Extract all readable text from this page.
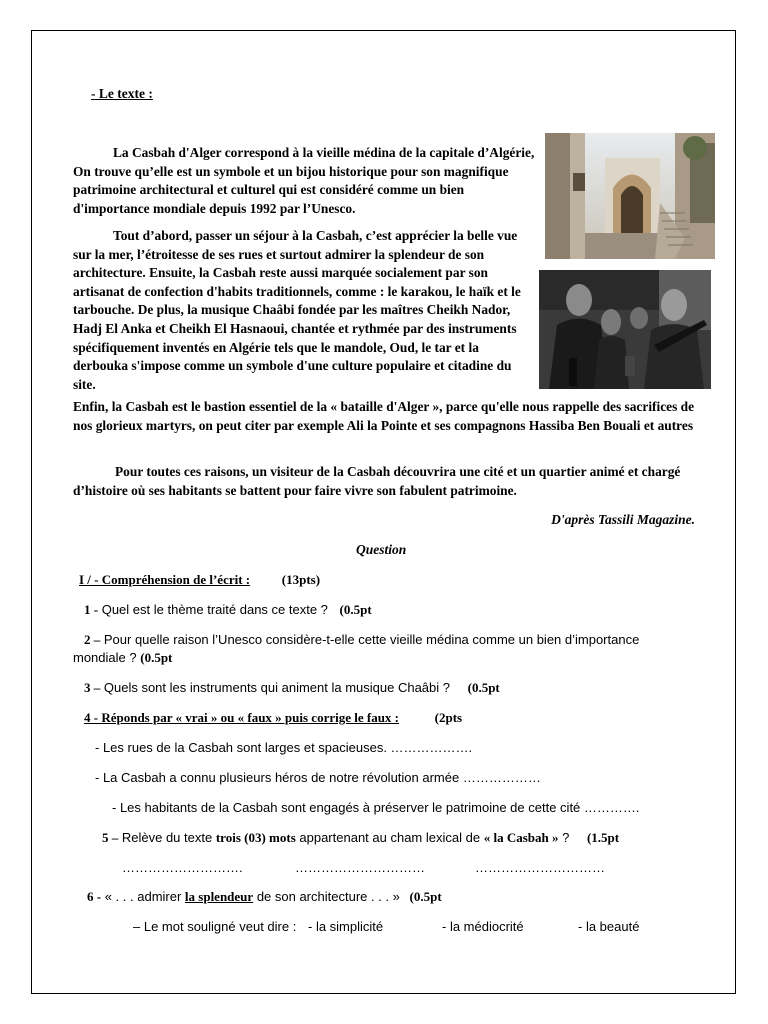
- Le texte :
La Casbah d'Alger correspond à la vieille médina de la capitale d’Algérie, On trouve qu’elle est un symbole et un bijou historique pour son magnifique patrimoine architectural et culturel qui est considéré comme un bien d'importance mondiale depuis 1992 par l’Unesco.
Tout d’abord, passer un séjour à la Casbah, c’est apprécier la belle vue sur la mer, l’étroitesse de ses rues et surtout admirer la splendeur de son architecture. Ensuite, la Casbah reste aussi marquée socialement par son artisanat de confection d'habits traditionnels, comme : le karakou, le haïk et le tarbouche. De plus, la musique Chaâbi fondée par les maîtres Cheikh Nador, Hadj El Anka et Cheikh El Hasnaoui, chantée et rythmée par des instruments spécifiquement inventés en Algérie tels que le mandole, Oud, le tar et la derbouka s'impose comme un symbole d'une culture populaire et citadine du site.
Enfin, la Casbah est le bastion essentiel de la « bataille d'Alger », parce qu'elle nous rappelle des sacrifices de nos glorieux martyrs, on peut citer par exemple Ali la Pointe et ses compagnons Hassiba Ben Bouali et autres
Pour toutes ces raisons, un visiteur de la Casbah découvrira une cité et un quartier animé et chargé d’histoire où ses habitants se battent pour faire vivre son fabulent patrimoine.
D'après Tassili Magazine.
Question
I / - Compréhension de l’écrit : (13pts)
1 - Quel est le thème traité dans ce texte ? (0.5pt
2 – Pour quelle raison l’Unesco considère-t-elle cette vieille médina comme un bien d’importance mondiale ? (0.5pt
3 – Quels sont les instruments qui animent la musique Chaâbi ? (0.5pt
4 - Réponds par « vrai » ou « faux » puis corrige le faux :	(2pts
- Les rues de la Casbah sont larges et spacieuses. ……………….
- La Casbah a connu plusieurs héros de notre révolution armée ………………
- Les habitants de la Casbah sont engagés à préserver le patrimoine de cette cité ………….
5 – Relève du texte trois (03) mots appartenant au cham lexical de « la Casbah » ? (1.5pt
……………………….	…………………………	…………………………
6 - « . . . admirer la splendeur de son architecture . . . » (0.5pt
– Le mot souligné veut dire : - la simplicité	- la médiocrité	- la beauté
